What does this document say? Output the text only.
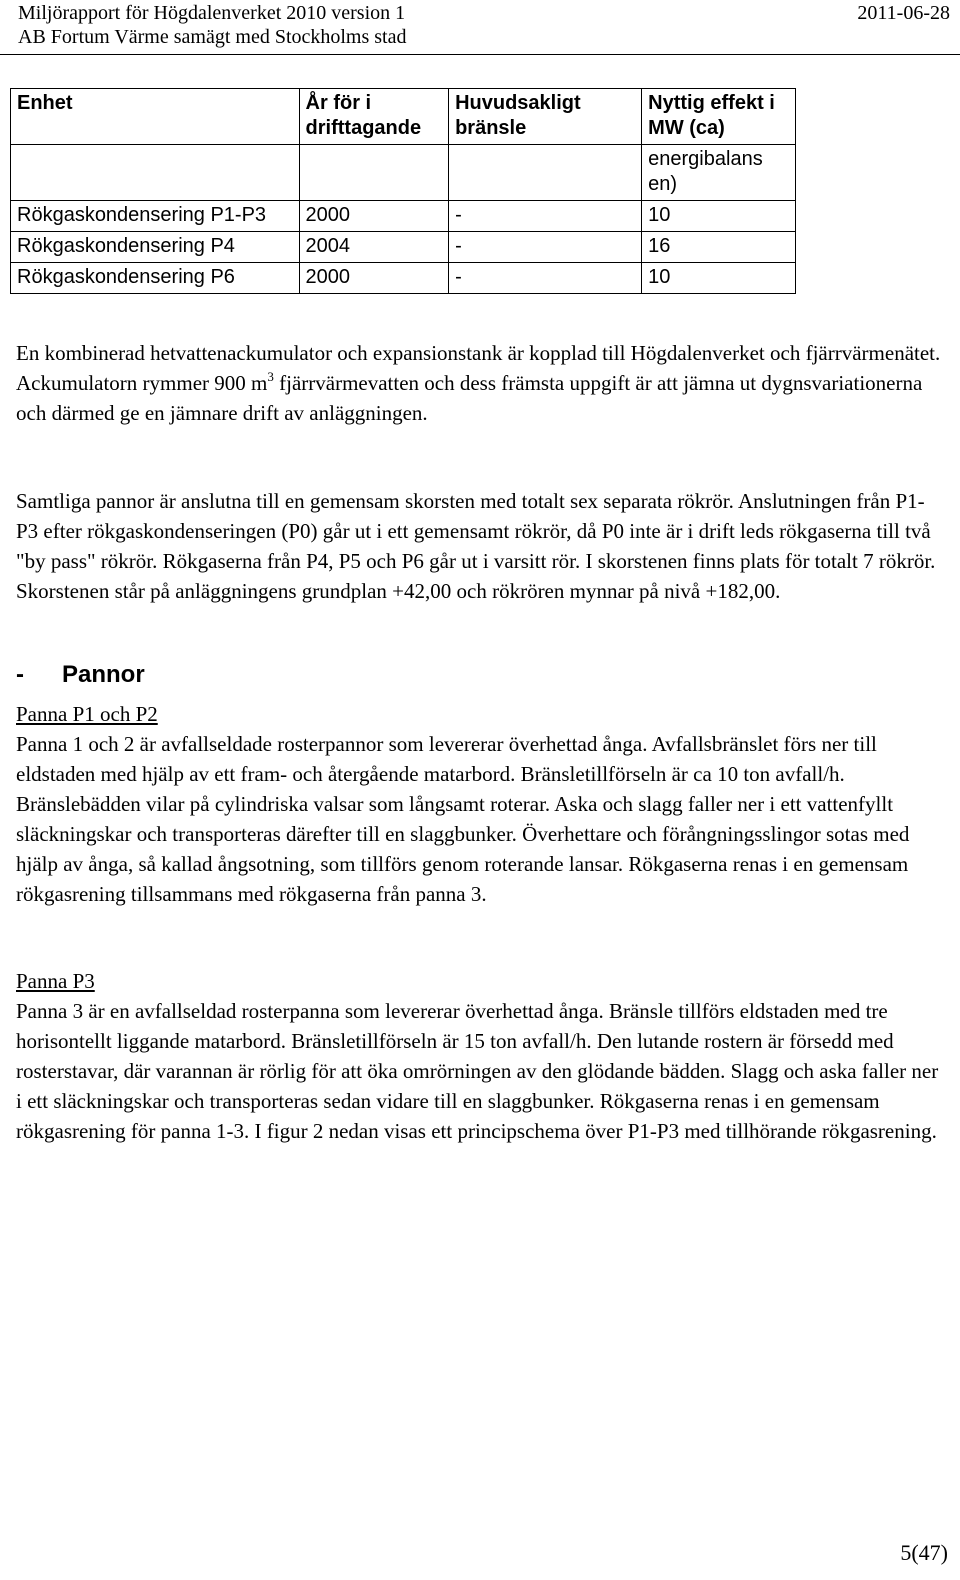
Miljörapport för Högdalenverket 2010 version 1
AB Fortum Värme samägt med Stockholms stad
2011-06-28
Enhet	År för i drifttagande	Huvudsakligt bränsle	Nyttig effekt i MW (ca)
			energibalans en)
Rökgaskondensering P1-P3	2000	-	10
Rökgaskondensering P4	2004	-	16
Rökgaskondensering P6	2000	-	10

En kombinerad hetvattenackumulator och expansionstank är kopplad till Högdalenverket och fjärrvärmenätet. Ackumulatorn rymmer 900 $m^3$ fjärrvärmevatten och dess främsta uppgift är att jämna ut dygnsvariationerna och därmed ge en jämnare drift av anläggningen.

Samtliga pannor är anslutna till en gemensam skorsten med totalt sex separata rökrör. Anslutningen från P1-P3 efter rökgaskondenseringen (P0) går ut i ett gemensamt rökrör, då P0 inte är i drift leds rökgaserna till två "by pass" rökrör. Rökgaserna från P4, P5 och P6 går ut i varsitt rör. I skorstenen finns plats för totalt 7 rökrör. Skorstenen står på anläggningens grundplan +42,00 och rökrören mynnar på nivå +182,00.

- Pannor

Panna P1 och P2

Panna 1 och 2 är avfallseldade rosterpannor som levererar överhettad ånga. Avfallsbränslet förs ner till eldstaden med hjälp av ett fram- och återgående matarbord. Bränsletillförseln är ca 10 ton avfall/h. Bränslebädden vilar på cylindriska valsar som långsamt roterar. Aska och slagg faller ner i ett vattenfyllt släckningskar och transporteras därefter till en slaggbunker. Överhettare och förångningsslingor sotas med hjälp av ånga, så kallad ångsotning, som tillförs genom roterande lansar. Rökgaserna renas i en gemensam rökgasrening tillsammans med rökgaserna från panna 3.

Panna P3

Panna 3 är en avfallseldad rosterpanna som levererar överhettad ånga. Bränsle tillförs eldstaden med tre horisontellt liggande matarbord. Bränsletillförseln är 15 ton avfall/h. Den lutande rostern är försedd med rosterstavar, där varannan är rörlig för att öka omrörningen av den glödande bädden. Slagg och aska faller ner i ett släckningskar och transporteras sedan vidare till en slaggbunker. Rökgaserna renas i en gemensam rökgasrening för panna 1-3. I figur 2 nedan visas ett principschema över P1-P3 med tillhörande rökgasrening.

5(47)
